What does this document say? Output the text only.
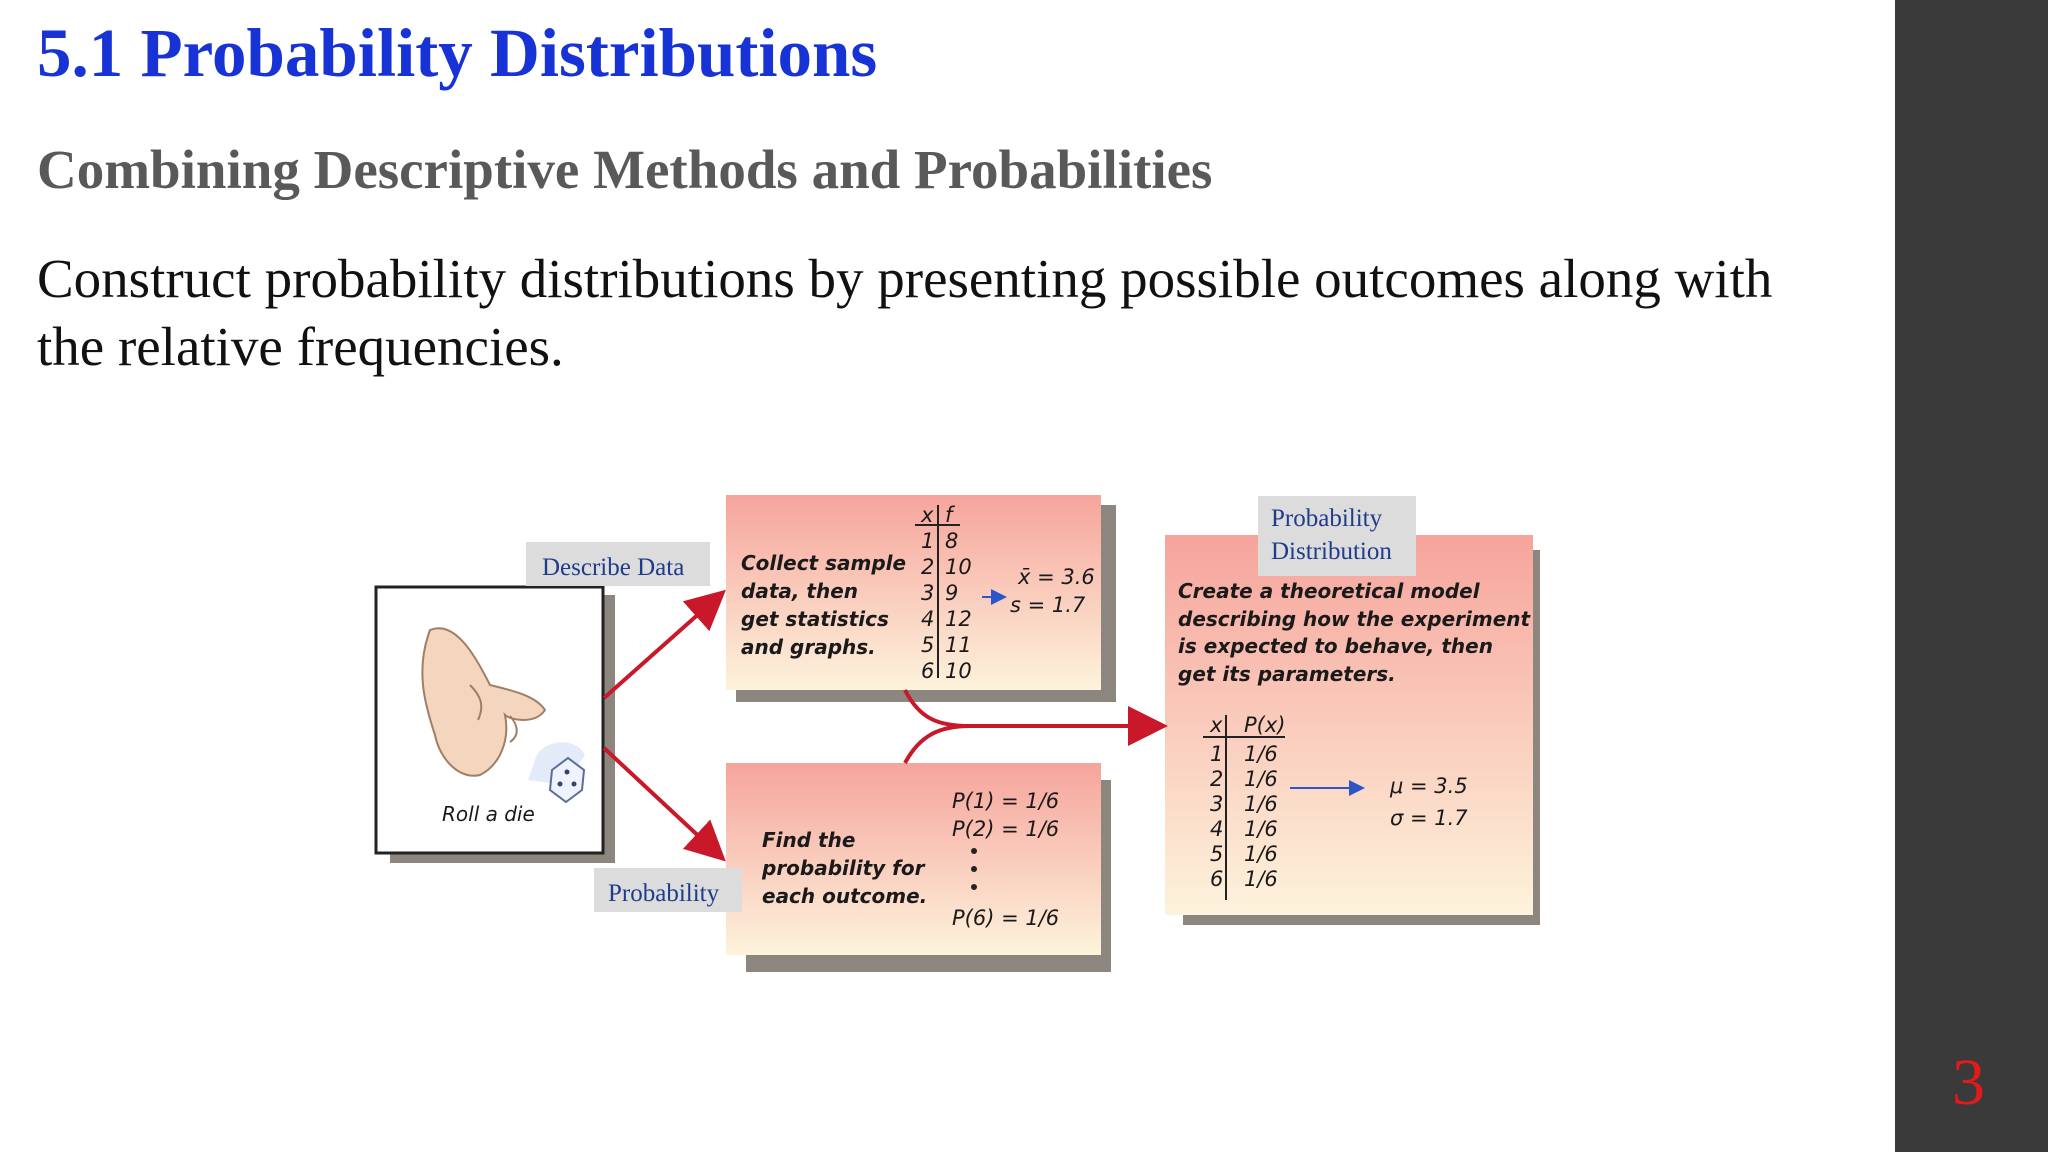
5.1 Probability Distributions
Combining Descriptive Methods and Probabilities

Construct probability distributions by presenting possible outcomes along with the relative frequencies.

Roll a die
Collect sample data, then get statistics and graphs.
x f
1 2 3 4 5 6
8 10 9 12 11 10
x̄ = 3.6 s = 1.7
Find the probability for each outcome.
P(1) = 1/6 P(2) = 1/6 P(6) = 1/6
Create a theoretical model describing how the experiment is expected to behave, then get its parameters.
x P(x)
1 2 3 4 5 6
1/6 1/6 1/6 1/6 1/6 1/6
μ = 3.5 σ = 1.7
Describe Data
Probability
Probability Distribution
3
